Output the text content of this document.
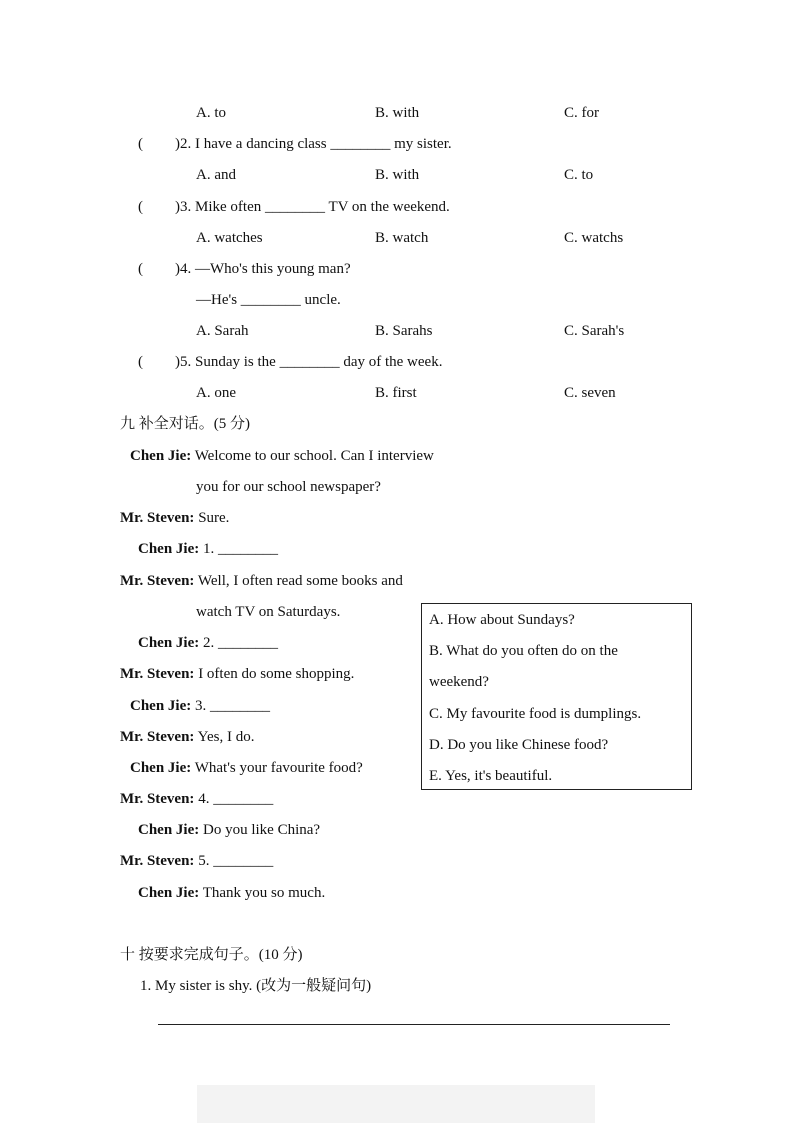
A. to	B. with	C. for
( )2. I have a dancing class ________ my sister.
A. and	B. with	C. to
( )3. Mike often ________ TV on the weekend.
A. watches	B. watch	C. watchs
( )4. —Who's this young man?
—He's ________ uncle.
A. Sarah	B. Sarahs	C. Sarah's
( )5. Sunday is the ________ day of the week.
A. one	B. first	C. seven
九 补全对话。(5 分)
Chen Jie: Welcome to our school. Can I interview
you for our school newspaper?
Mr. Steven: Sure.
Chen Jie: 1. ________
Mr. Steven: Well, I often read some books and
watch TV on Saturdays.
Chen Jie: 2. ________
Mr. Steven: I often do some shopping.
Chen Jie: 3. ________
Mr. Steven: Yes, I do.
Chen Jie: What's your favourite food?
Mr. Steven: 4. ________
Chen Jie: Do you like China?
Mr. Steven: 5. ________
Chen Jie: Thank you so much.
A. How about Sundays?
B. What do you often do on the
weekend?
C. My favourite food is dumplings.
D. Do you like Chinese food?
E. Yes, it's beautiful.
十 按要求完成句子。(10 分)
1. My sister is shy. (改为一般疑问句)
